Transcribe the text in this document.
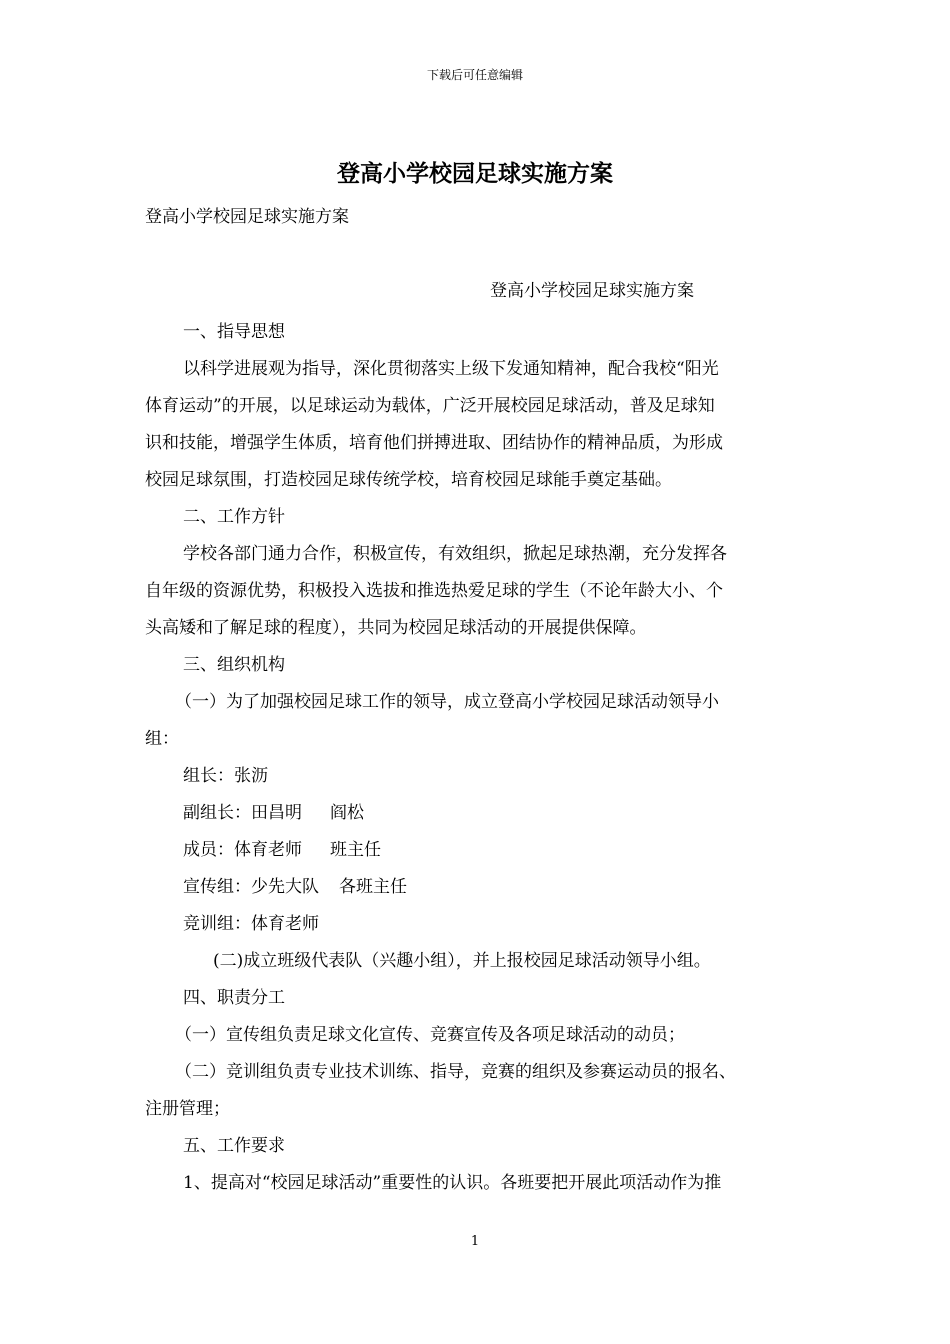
下载后可任意编辑
登高小学校园足球实施方案
登高小学校园足球实施方案
登高小学校园足球实施方案

一、指导思想

以科学进展观为指导，深化贯彻落实上级下发通知精神，配合我校“阳光

体育运动”的开展，以足球运动为载体，广泛开展校园足球活动，普及足球知

识和技能，增强学生体质，培育他们拼搏进取、团结协作的精神品质，为形成

校园足球氛围，打造校园足球传统学校，培育校园足球能手奠定基础。

二、工作方针

学校各部门通力合作，积极宣传，有效组织，掀起足球热潮，充分发挥各

自年级的资源优势，积极投入选拔和推选热爱足球的学生（不论年龄大小、个

头高矮和了解足球的程度），共同为校园足球活动的开展提供保障。

三、组织机构

（一）为了加强校园足球工作的领导，成立登高小学校园足球活动领导小

组：

组长：张沥

副组长：田昌明 阎松

成员：体育老师 班主任

宣传组：少先大队 各班主任

竞训组：体育老师

(二)成立班级代表队（兴趣小组），并上报校园足球活动领导小组。

四、职责分工

（一）宣传组负责足球文化宣传、竞赛宣传及各项足球活动的动员；

（二）竞训组负责专业技术训练、指导，竞赛的组织及参赛运动员的报名、

注册管理；

五、工作要求

1、提高对“校园足球活动”重要性的认识。各班要把开展此项活动作为推

1
